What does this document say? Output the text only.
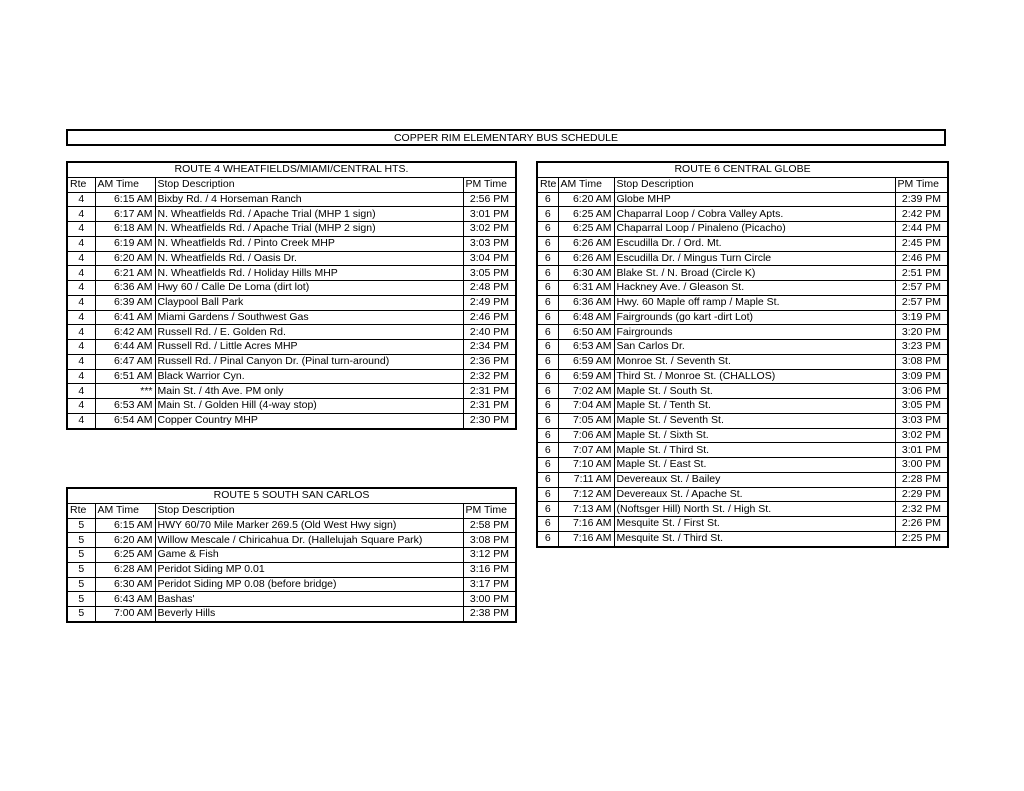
COPPER RIM ELEMENTARY BUS SCHEDULE
ROUTE 4 WHEATFIELDS/MIAMI/CENTRAL HTS.			
Rte	AM Time	Stop Description	PM Time
4	6:15 AM	Bixby Rd. / 4 Horseman Ranch	2:56 PM
4	6:17 AM	N. Wheatfields Rd. / Apache Trial (MHP 1 sign)	3:01 PM
4	6:18 AM	N. Wheatfields Rd. / Apache Trial (MHP 2 sign)	3:02 PM
4	6:19 AM	N. Wheatfields Rd. / Pinto Creek MHP	3:03 PM
4	6:20 AM	N. Wheatfields Rd. / Oasis Dr.	3:04 PM
4	6:21 AM	N. Wheatfields Rd. / Holiday Hills MHP	3:05 PM
4	6:36 AM	Hwy 60 / Calle De Loma (dirt lot)	2:48 PM
4	6:39 AM	Claypool Ball Park	2:49 PM
4	6:41 AM	Miami Gardens / Southwest Gas	2:46 PM
4	6:42 AM	Russell Rd. / E. Golden Rd.	2:40 PM
4	6:44 AM	Russell Rd. / Little Acres MHP	2:34 PM
4	6:47 AM	Russell Rd. / Pinal Canyon Dr. (Pinal turn-around)	2:36 PM
4	6:51 AM	Black Warrior Cyn.	2:32 PM
4	***	Main St. / 4th Ave. PM only	2:31 PM
4	6:53 AM	Main St. / Golden Hill (4-way stop)	2:31 PM
4	6:54 AM	Copper Country MHP	2:30 PM
ROUTE 5 SOUTH SAN CARLOS			
Rte	AM Time	Stop Description	PM Time
5	6:15 AM	HWY 60/70 Mile Marker 269.5 (Old West Hwy sign)	2:58 PM
5	6:20 AM	Willow Mescale / Chiricahua Dr. (Hallelujah Square Park)	3:08 PM
5	6:25 AM	Game & Fish	3:12 PM
5	6:28 AM	Peridot Siding MP 0.01	3:16 PM
5	6:30 AM	Peridot Siding MP 0.08 (before bridge)	3:17 PM
5	6:43 AM	Bashas'	3:00 PM
5	7:00 AM	Beverly Hills	2:38 PM
ROUTE 6 CENTRAL GLOBE			
Rte	AM Time	Stop Description	PM Time
6	6:20 AM	Globe MHP	2:39 PM
6	6:25 AM	Chaparral Loop / Cobra Valley Apts.	2:42 PM
6	6:25 AM	Chaparral Loop / Pinaleno (Picacho)	2:44 PM
6	6:26 AM	Escudilla Dr. / Ord. Mt.	2:45 PM
6	6:26 AM	Escudilla Dr. / Mingus Turn Circle	2:46 PM
6	6:30 AM	Blake St. / N. Broad (Circle K)	2:51 PM
6	6:31 AM	Hackney Ave. / Gleason St.	2:57 PM
6	6:36 AM	Hwy. 60 Maple off ramp / Maple St.	2:57 PM
6	6:48 AM	Fairgrounds (go kart -dirt Lot)	3:19 PM
6	6:50 AM	Fairgrounds	3:20 PM
6	6:53 AM	San Carlos Dr.	3:23 PM
6	6:59 AM	Monroe St. / Seventh St.	3:08 PM
6	6:59 AM	Third St. / Monroe St. (CHALLOS)	3:09 PM
6	7:02 AM	Maple St. / South St.	3:06 PM
6	7:04 AM	Maple St. / Tenth St.	3:05 PM
6	7:05 AM	Maple St. / Seventh St.	3:03 PM
6	7:06 AM	Maple St. / Sixth St.	3:02 PM
6	7:07 AM	Maple St. / Third St.	3:01 PM
6	7:10 AM	Maple St. / East St.	3:00 PM
6	7:11 AM	Devereaux St. / Bailey	2:28 PM
6	7:12 AM	Devereaux St. / Apache St.	2:29 PM
6	7:13 AM	(Noftsger Hill) North St. / High St.	2:32 PM
6	7:16 AM	Mesquite St. / First St.	2:26 PM
6	7:16 AM	Mesquite St. / Third St.	2:25 PM
